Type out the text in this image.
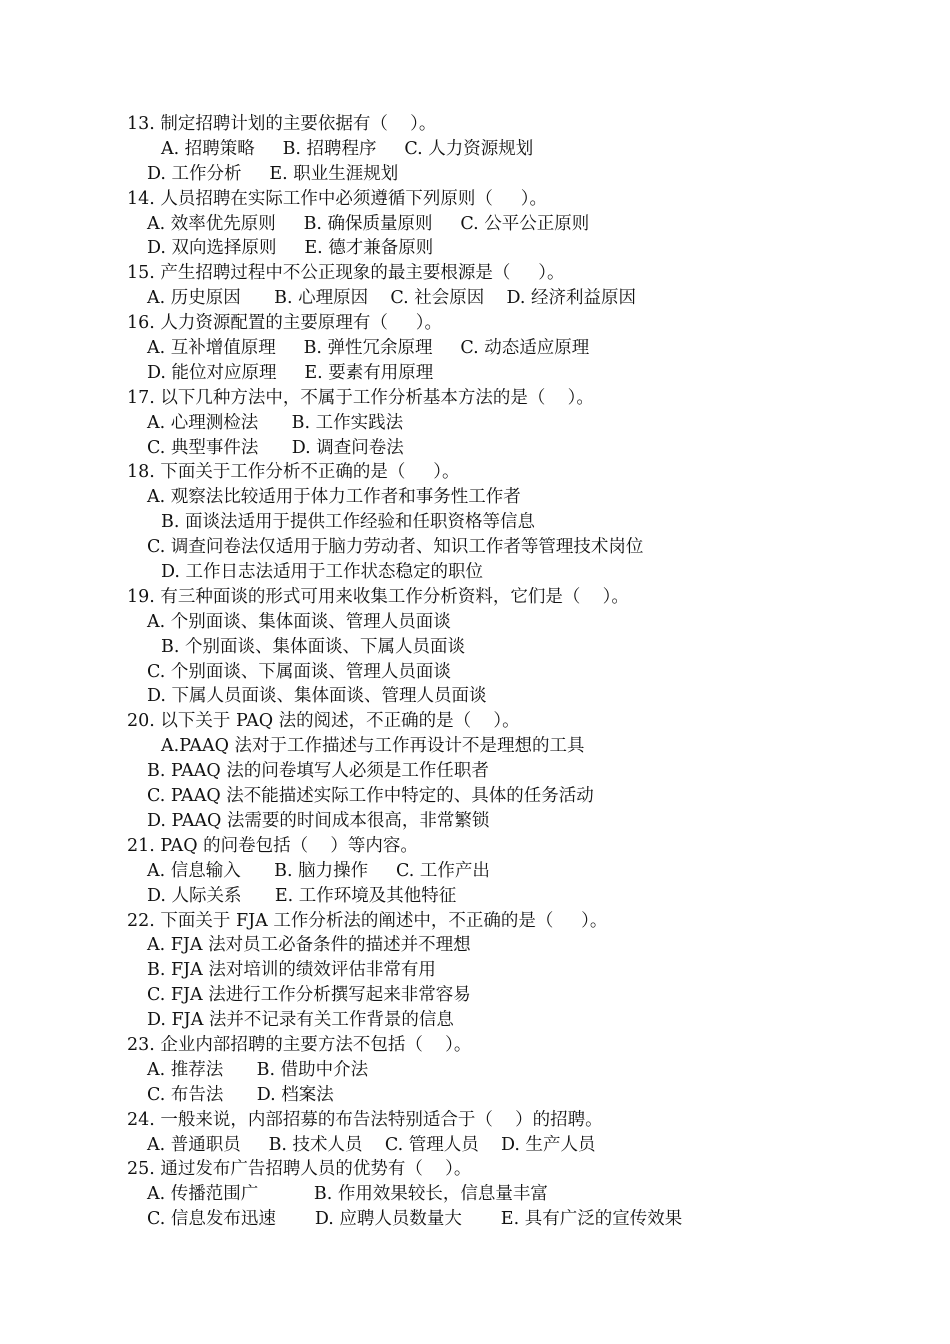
13. 制定招聘计划的主要依据有（    ）。
A. 招聘策略     B. 招聘程序     C. 人力资源规划
D. 工作分析     E. 职业生涯规划
14. 人员招聘在实际工作中必须遵循下列原则（     ）。
A. 效率优先原则     B. 确保质量原则     C. 公平公正原则
D. 双向选择原则     E. 德才兼备原则
15. 产生招聘过程中不公正现象的最主要根源是（     ）。
A. 历史原因      B. 心理原因    C. 社会原因    D. 经济利益原因
16. 人力资源配置的主要原理有（     ）。
A. 互补增值原理     B. 弹性冗余原理     C. 动态适应原理
D. 能位对应原理     E. 要素有用原理
17. 以下几种方法中，不属于工作分析基本方法的是（    ）。
A. 心理测检法      B. 工作实践法
C. 典型事件法      D. 调查问卷法
18. 下面关于工作分析不正确的是（     ）。
A. 观察法比较适用于体力工作者和事务性工作者
B. 面谈法适用于提供工作经验和任职资格等信息
C. 调查问卷法仅适用于脑力劳动者、知识工作者等管理技术岗位
D. 工作日志法适用于工作状态稳定的职位
19. 有三种面谈的形式可用来收集工作分析资料，它们是（    ）。
A. 个别面谈、集体面谈、管理人员面谈
B. 个别面谈、集体面谈、下属人员面谈
C. 个别面谈、下属面谈、管理人员面谈
D. 下属人员面谈、集体面谈、管理人员面谈
20. 以下关于 PAQ 法的阅述，不正确的是（    ）。
A.PAAQ 法对于工作描述与工作再设计不是理想的工具
B. PAAQ 法的问卷填写人必须是工作任职者
C. PAAQ 法不能描述实际工作中特定的、具体的任务活动
D. PAAQ 法需要的时间成本很高，非常繁锁
21. PAQ 的问卷包括（    ）等内容。
A. 信息输入      B. 脑力操作     C. 工作产出
D. 人际关系      E. 工作环境及其他特征
22. 下面关于 FJA 工作分析法的阐述中，不正确的是（     ）。
A. FJA 法对员工必备条件的描述并不理想
B. FJA 法对培训的绩效评估非常有用
C. FJA 法进行工作分析撰写起来非常容易
D. FJA 法并不记录有关工作背景的信息
23. 企业内部招聘的主要方法不包括（    ）。
A. 推荐法      B. 借助中介法
C. 布告法      D. 档案法
24. 一般来说，内部招募的布告法特别适合于（    ）的招聘。
A. 普通职员     B. 技术人员    C. 管理人员    D. 生产人员
25. 通过发布广告招聘人员的优势有（    ）。
A. 传播范围广          B. 作用效果较长，信息量丰富
C. 信息发布迅速       D. 应聘人员数量大       E. 具有广泛的宣传效果
